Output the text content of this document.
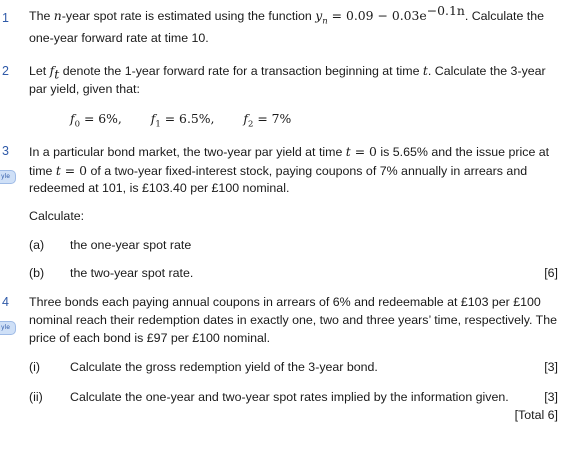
1 The n-year spot rate is estimated using the function $y_n = 0.09 - 0.03e^{-0.1n}$. Calculate the
one-year forward rate at time 10.
2 Let $f_t$ denote the 1-year forward rate for a transaction beginning at time t. Calculate the 3-year
par yield, given that:
$f_0 = 6\%$, $f_1 = 6.5\%$, $f_2 = 7\%$
3
yle
In a particular bond market, the two-year par yield at time t = 0 is 5.65% and the issue price at
time t = 0 of a two-year fixed-interest stock, paying coupons of 7% annually in arrears and
redeemed at 101, is £103.40 per £100 nominal.
Calculate:
(a) the one-year spot rate
(b) the two-year spot rate.	[6]
4
yle
Three bonds each paying annual coupons in arrears of 6% and redeemable at £103 per £100
nominal reach their redemption dates in exactly one, two and three years’ time, respectively. The
price of each bond is £97 per £100 nominal.
(i) Calculate the gross redemption yield of the 3-year bond.	[3]
(ii) Calculate the one-year and two-year spot rates implied by the information given.	[3]
[Total 6]
